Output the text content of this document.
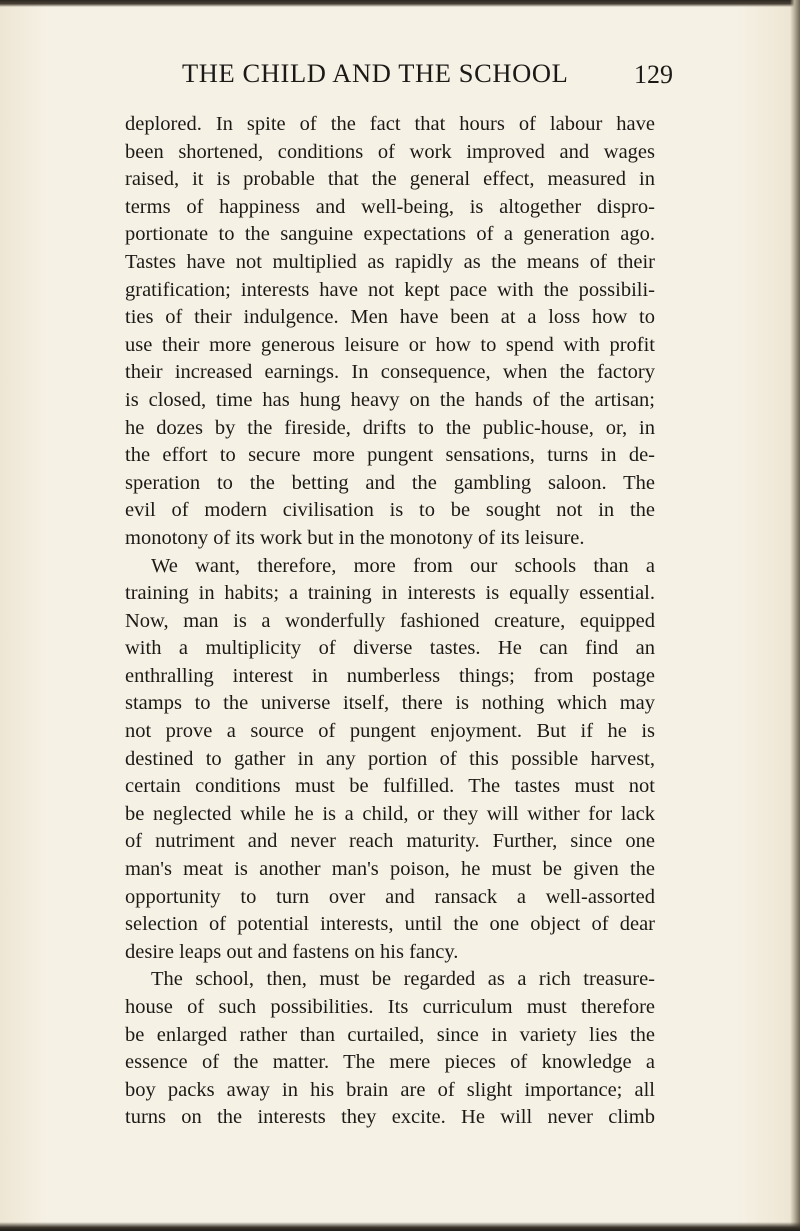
THE CHILD AND THE SCHOOL	129
deplored. In spite of the fact that hours of labour have
been shortened, conditions of work improved and wages
raised, it is probable that the general effect, measured in
terms of happiness and well-being, is altogether dispro-
portionate to the sanguine expectations of a generation ago.
Tastes have not multiplied as rapidly as the means of their
gratification; interests have not kept pace with the possibili-
ties of their indulgence. Men have been at a loss how to
use their more generous leisure or how to spend with profit
their increased earnings. In consequence, when the factory
is closed, time has hung heavy on the hands of the artisan;
he dozes by the fireside, drifts to the public-house, or, in
the effort to secure more pungent sensations, turns in de-
speration to the betting and the gambling saloon. The
evil of modern civilisation is to be sought not in the
monotony of its work but in the monotony of its leisure.
We want, therefore, more from our schools than a
training in habits; a training in interests is equally essential.
Now, man is a wonderfully fashioned creature, equipped
with a multiplicity of diverse tastes. He can find an
enthralling interest in numberless things; from postage
stamps to the universe itself, there is nothing which may
not prove a source of pungent enjoyment. But if he is
destined to gather in any portion of this possible harvest,
certain conditions must be fulfilled. The tastes must not
be neglected while he is a child, or they will wither for lack
of nutriment and never reach maturity. Further, since one
man's meat is another man's poison, he must be given the
opportunity to turn over and ransack a well-assorted
selection of potential interests, until the one object of dear
desire leaps out and fastens on his fancy.
The school, then, must be regarded as a rich treasure-
house of such possibilities. Its curriculum must therefore
be enlarged rather than curtailed, since in variety lies the
essence of the matter. The mere pieces of knowledge a
boy packs away in his brain are of slight importance; all
turns on the interests they excite. He will never climb
